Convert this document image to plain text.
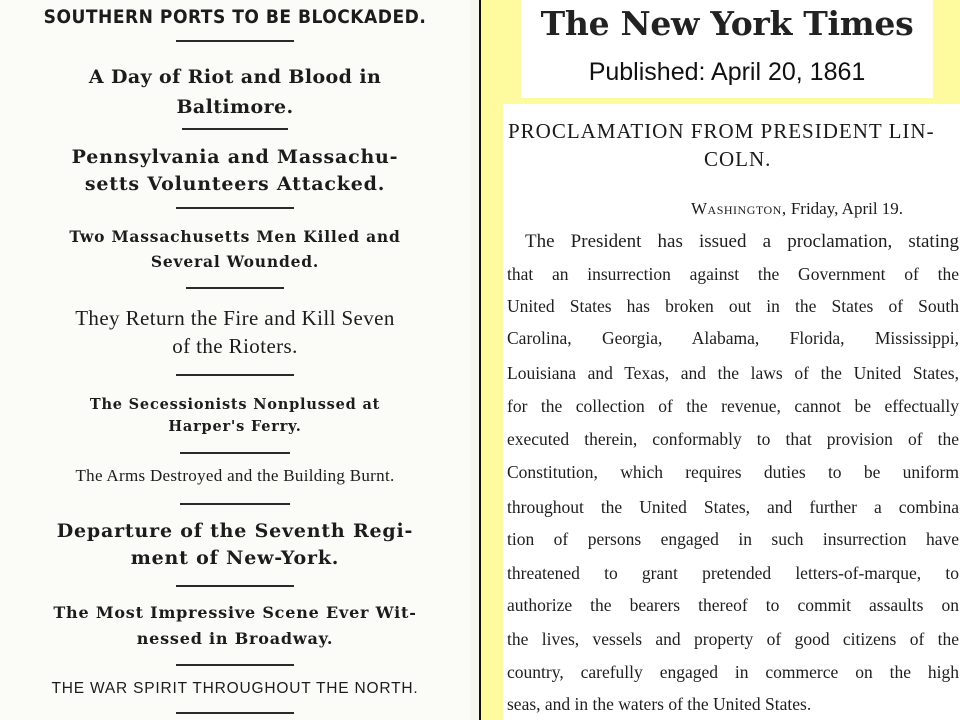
SOUTHERN PORTS TO BE BLOCKADED.
A Day of Riot and Blood in
Baltimore.
Pennsylvania and Massachu-
setts Volunteers Attacked.
Two Massachusetts Men Killed and
Several Wounded.
They Return the Fire and Kill Seven
of the Rioters.
The Secessionists Nonplussed at
Harper's Ferry.
The Arms Destroyed and the Building Burnt.
Departure of the Seventh Regi-
ment of New-York.
The Most Impressive Scene Ever Wit-
nessed in Broadway.
THE WAR SPIRIT THROUGHOUT THE NORTH.
The New York Times
Published: April 20, 1861
PROCLAMATION FROM PRESIDENT LIN-
COLN.
Washington, Friday, April 19.
The President has issued a proclamation, stating
that an insurrection against the Government of the
United States has broken out in the States of South
Carolina, Georgia, Alabama, Florida, Mississippi,
Louisiana and Texas, and the laws of the United States,
for the collection of the revenue, cannot be effectually
executed therein, conformably to that provision of the
Constitution, which requires duties to be uniform
throughout the United States, and further a combina
tion of persons engaged in such insurrection have
threatened to grant pretended letters-of-marque, to
authorize the bearers thereof to commit assaults on
the lives, vessels and property of good citizens of the
country, carefully engaged in commerce on the high
seas, and in the waters of the United States.
